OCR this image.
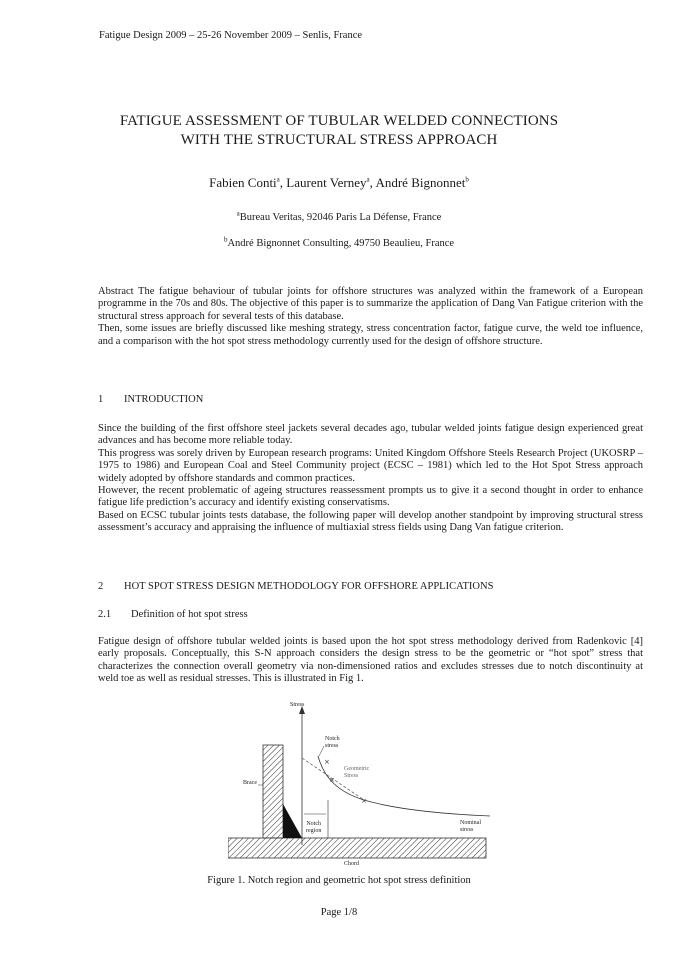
Fatigue Design 2009 – 25-26 November 2009 – Senlis, France
FATIGUE ASSESSMENT OF TUBULAR WELDED CONNECTIONS
WITH THE STRUCTURAL STRESS APPROACH
Fabien Conti$^a$, Laurent Verney$^a$, André Bignonnet$^b$
$^a$Bureau Veritas, 92046 Paris La Défense, France
$^b$André Bignonnet Consulting, 49750 Beaulieu, France

Abstract The fatigue behaviour of tubular joints for offshore structures was analyzed within the framework of a European programme in the 70s and 80s. The objective of this paper is to summarize the application of Dang Van Fatigue criterion with the structural stress approach for several tests of this database.

Then, some issues are briefly discussed like meshing strategy, stress concentration factor, fatigue curve, the weld toe influence, and a comparison with the hot spot stress methodology currently used for the design of offshore structure.

1 INTRODUCTION

Since the building of the first offshore steel jackets several decades ago, tubular welded joints fatigue design experienced great advances and has become more reliable today.

This progress was sorely driven by European research programs: United Kingdom Offshore Steels Research Project (UKOSRP – 1975 to 1986) and European Coal and Steel Community project (ECSC – 1981) which led to the Hot Spot Stress approach widely adopted by offshore standards and common practices.

However, the recent problematic of ageing structures reassessment prompts us to give it a second thought in order to enhance fatigue life prediction’s accuracy and identify existing conservatisms.

Based on ECSC tubular joints tests database, the following paper will develop another standpoint by improving structural stress assessment’s accuracy and appraising the influence of multiaxial stress fields using Dang Van fatigue criterion.

2 HOT SPOT STRESS DESIGN METHODOLOGY FOR OFFSHORE APPLICATIONS
2.1 Definition of hot spot stress

Fatigue design of offshore tubular welded joints is based upon the hot spot stress methodology derived from Radenkovic [4] early proposals. Conceptually, this S-N approach considers the design stress to be the geometric or “hot spot” stress that characterizes the connection overall geometry via non-dimensioned ratios and excludes stresses due to notch discontinuity at weld toe as well as residual stresses. This is illustrated in Fig 1.

×
×
×
Stress
Notch
stress
Geometric
Stress
Brace
Notch
region
Nominal
stress
Chord
Figure 1. Notch region and geometric hot spot stress definition
Page 1/8
